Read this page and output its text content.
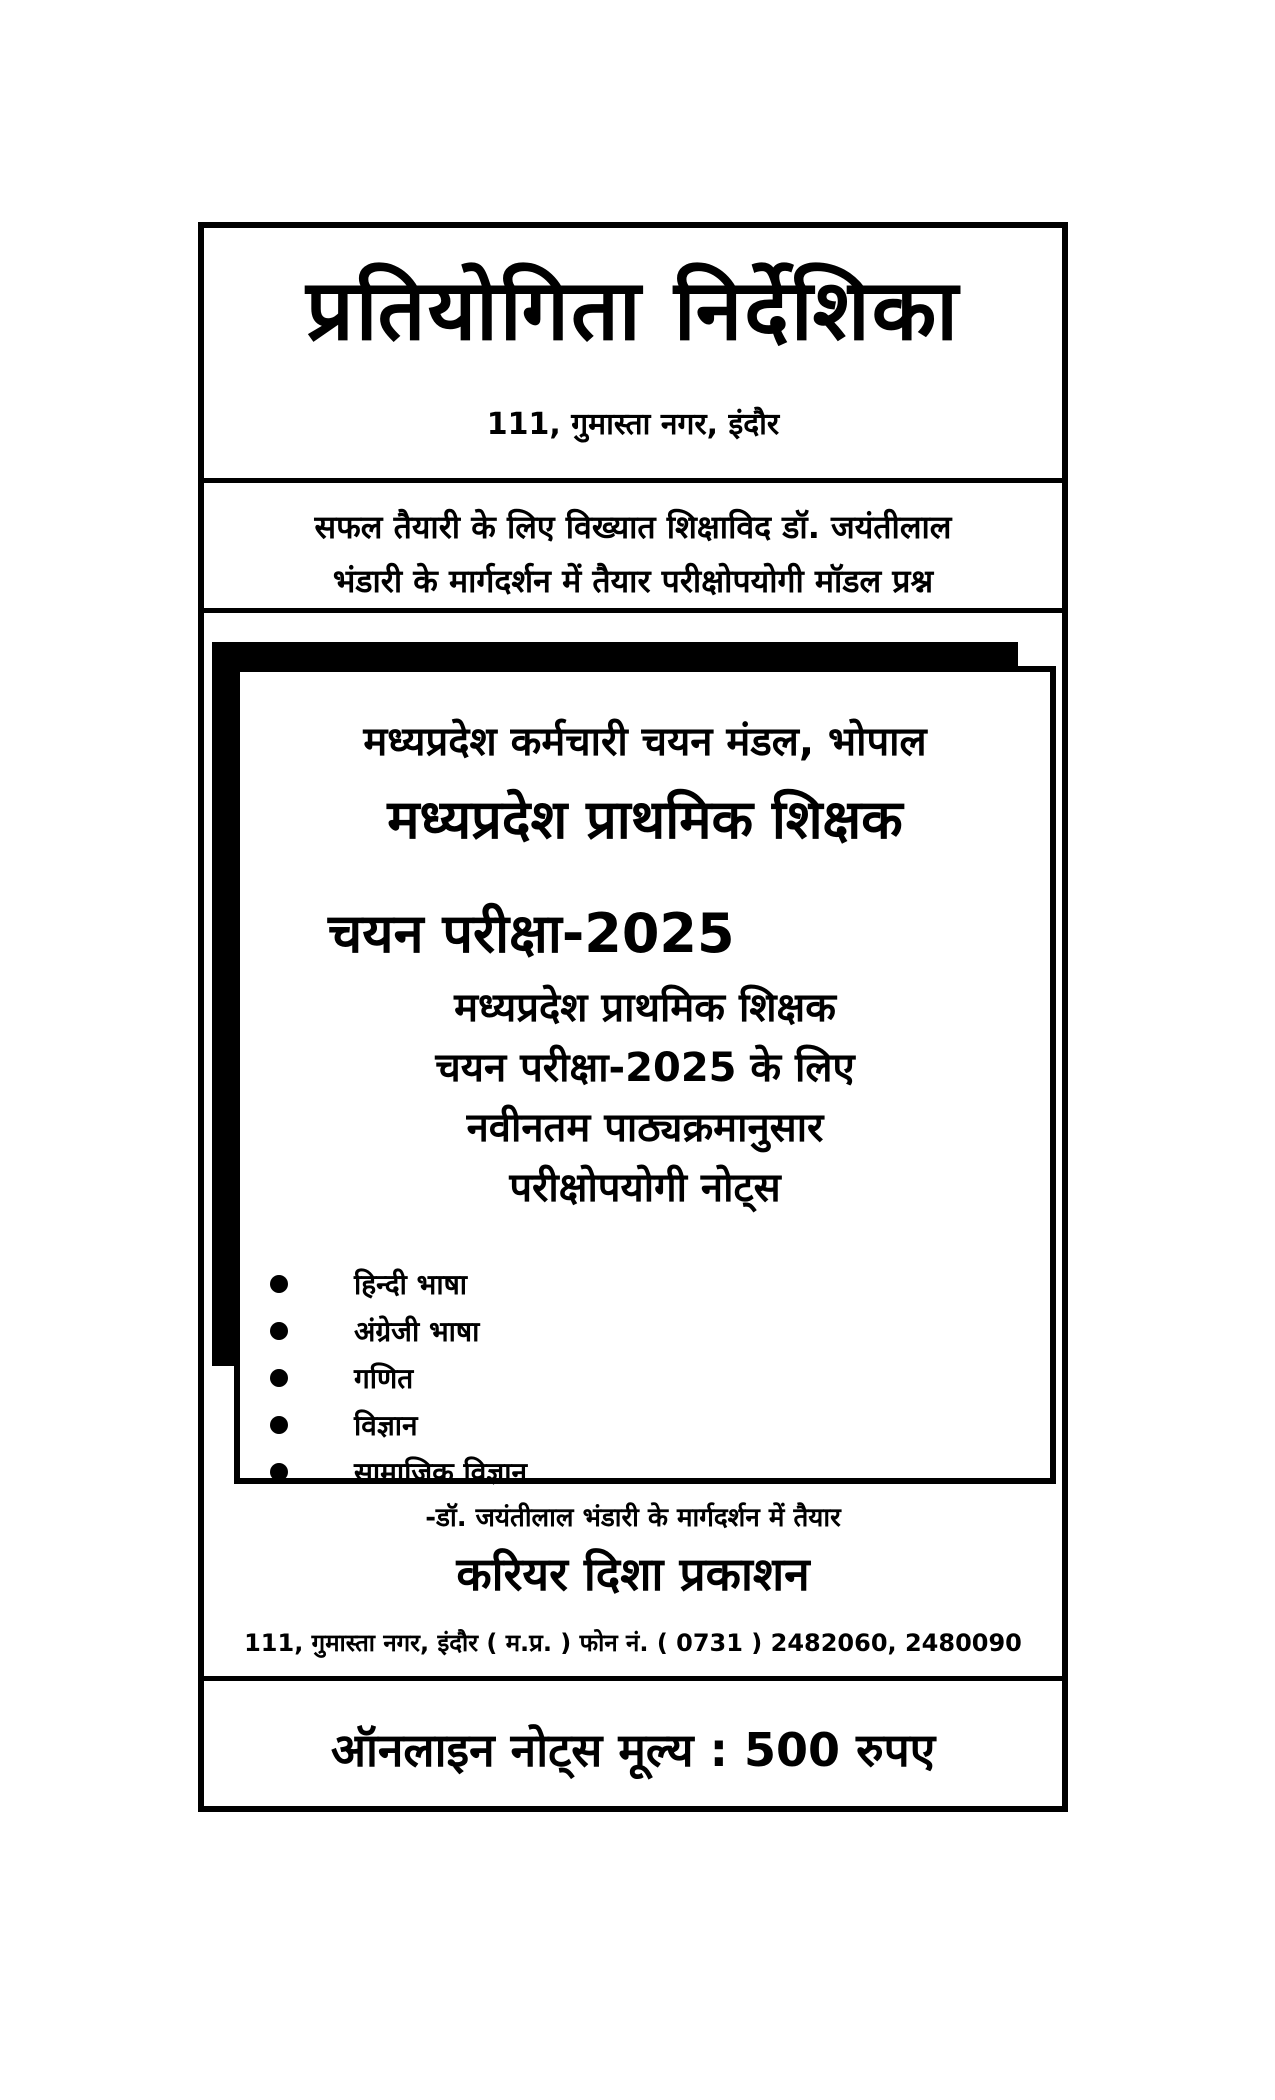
प्रतियोगिता निर्देशिका
111, गुमास्ता नगर, इंदौर
सफल तैयारी के लिए विख्यात शिक्षाविद डॉ. जयंतीलाल
भंडारी के मार्गदर्शन में तैयार परीक्षोपयोगी मॉडल प्रश्न
मध्यप्रदेश कर्मचारी चयन मंडल, भोपाल
मध्यप्रदेश प्राथमिक शिक्षक
चयन परीक्षा-2025
मध्यप्रदेश प्राथमिक शिक्षक
चयन परीक्षा-2025 के लिए
नवीनतम पाठ्यक्रमानुसार
परीक्षोपयोगी नोट्स
हिन्दी भाषा
अंग्रेजी भाषा
गणित
विज्ञान
सामाजिक विज्ञान
-डॉ. जयंतीलाल भंडारी के मार्गदर्शन में तैयार
करियर दिशा प्रकाशन
111, गुमास्ता नगर, इंदौर ( म.प्र. ) फोन नं. ( 0731 ) 2482060, 2480090
ऑनलाइन नोट्स मूल्य : 500 रुपए
